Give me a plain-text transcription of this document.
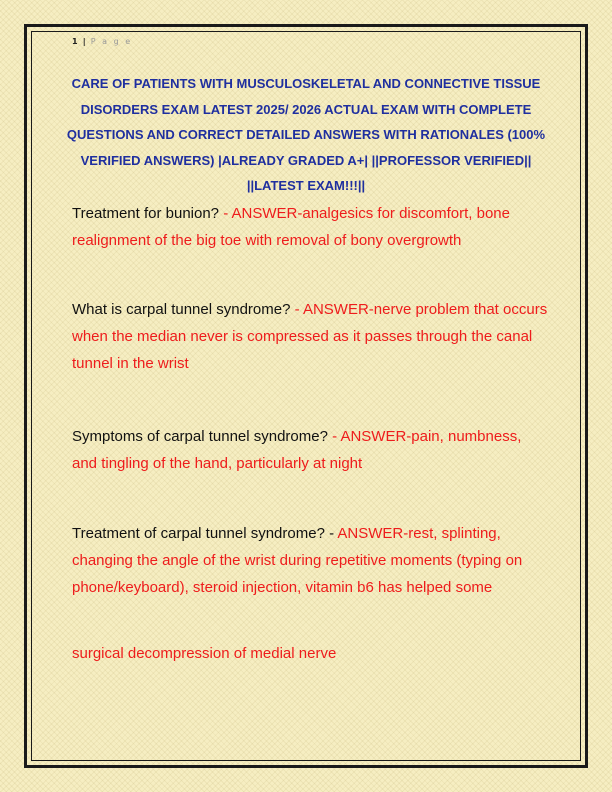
1 | P a g e
CARE OF PATIENTS WITH MUSCULOSKELETAL AND CONNECTIVE TISSUE DISORDERS EXAM LATEST 2025/ 2026 ACTUAL EXAM WITH COMPLETE QUESTIONS AND CORRECT DETAILED ANSWERS WITH RATIONALES (100% VERIFIED ANSWERS) |ALREADY GRADED A+| ||PROFESSOR VERIFIED|| ||LATEST EXAM!!!||

Treatment for bunion? - ANSWER-analgesics for discomfort, bone realignment of the big toe with removal of bony overgrowth

What is carpal tunnel syndrome? - ANSWER-nerve problem that occurs when the median never is compressed as it passes through the canal tunnel in the wrist

Symptoms of carpal tunnel syndrome? - ANSWER-pain, numbness, and tingling of the hand, particularly at night

Treatment of carpal tunnel syndrome? - ANSWER-rest, splinting, changing the angle of the wrist during repetitive moments (typing on phone/keyboard), steroid injection, vitamin b6 has helped some

surgical decompression of medial nerve
